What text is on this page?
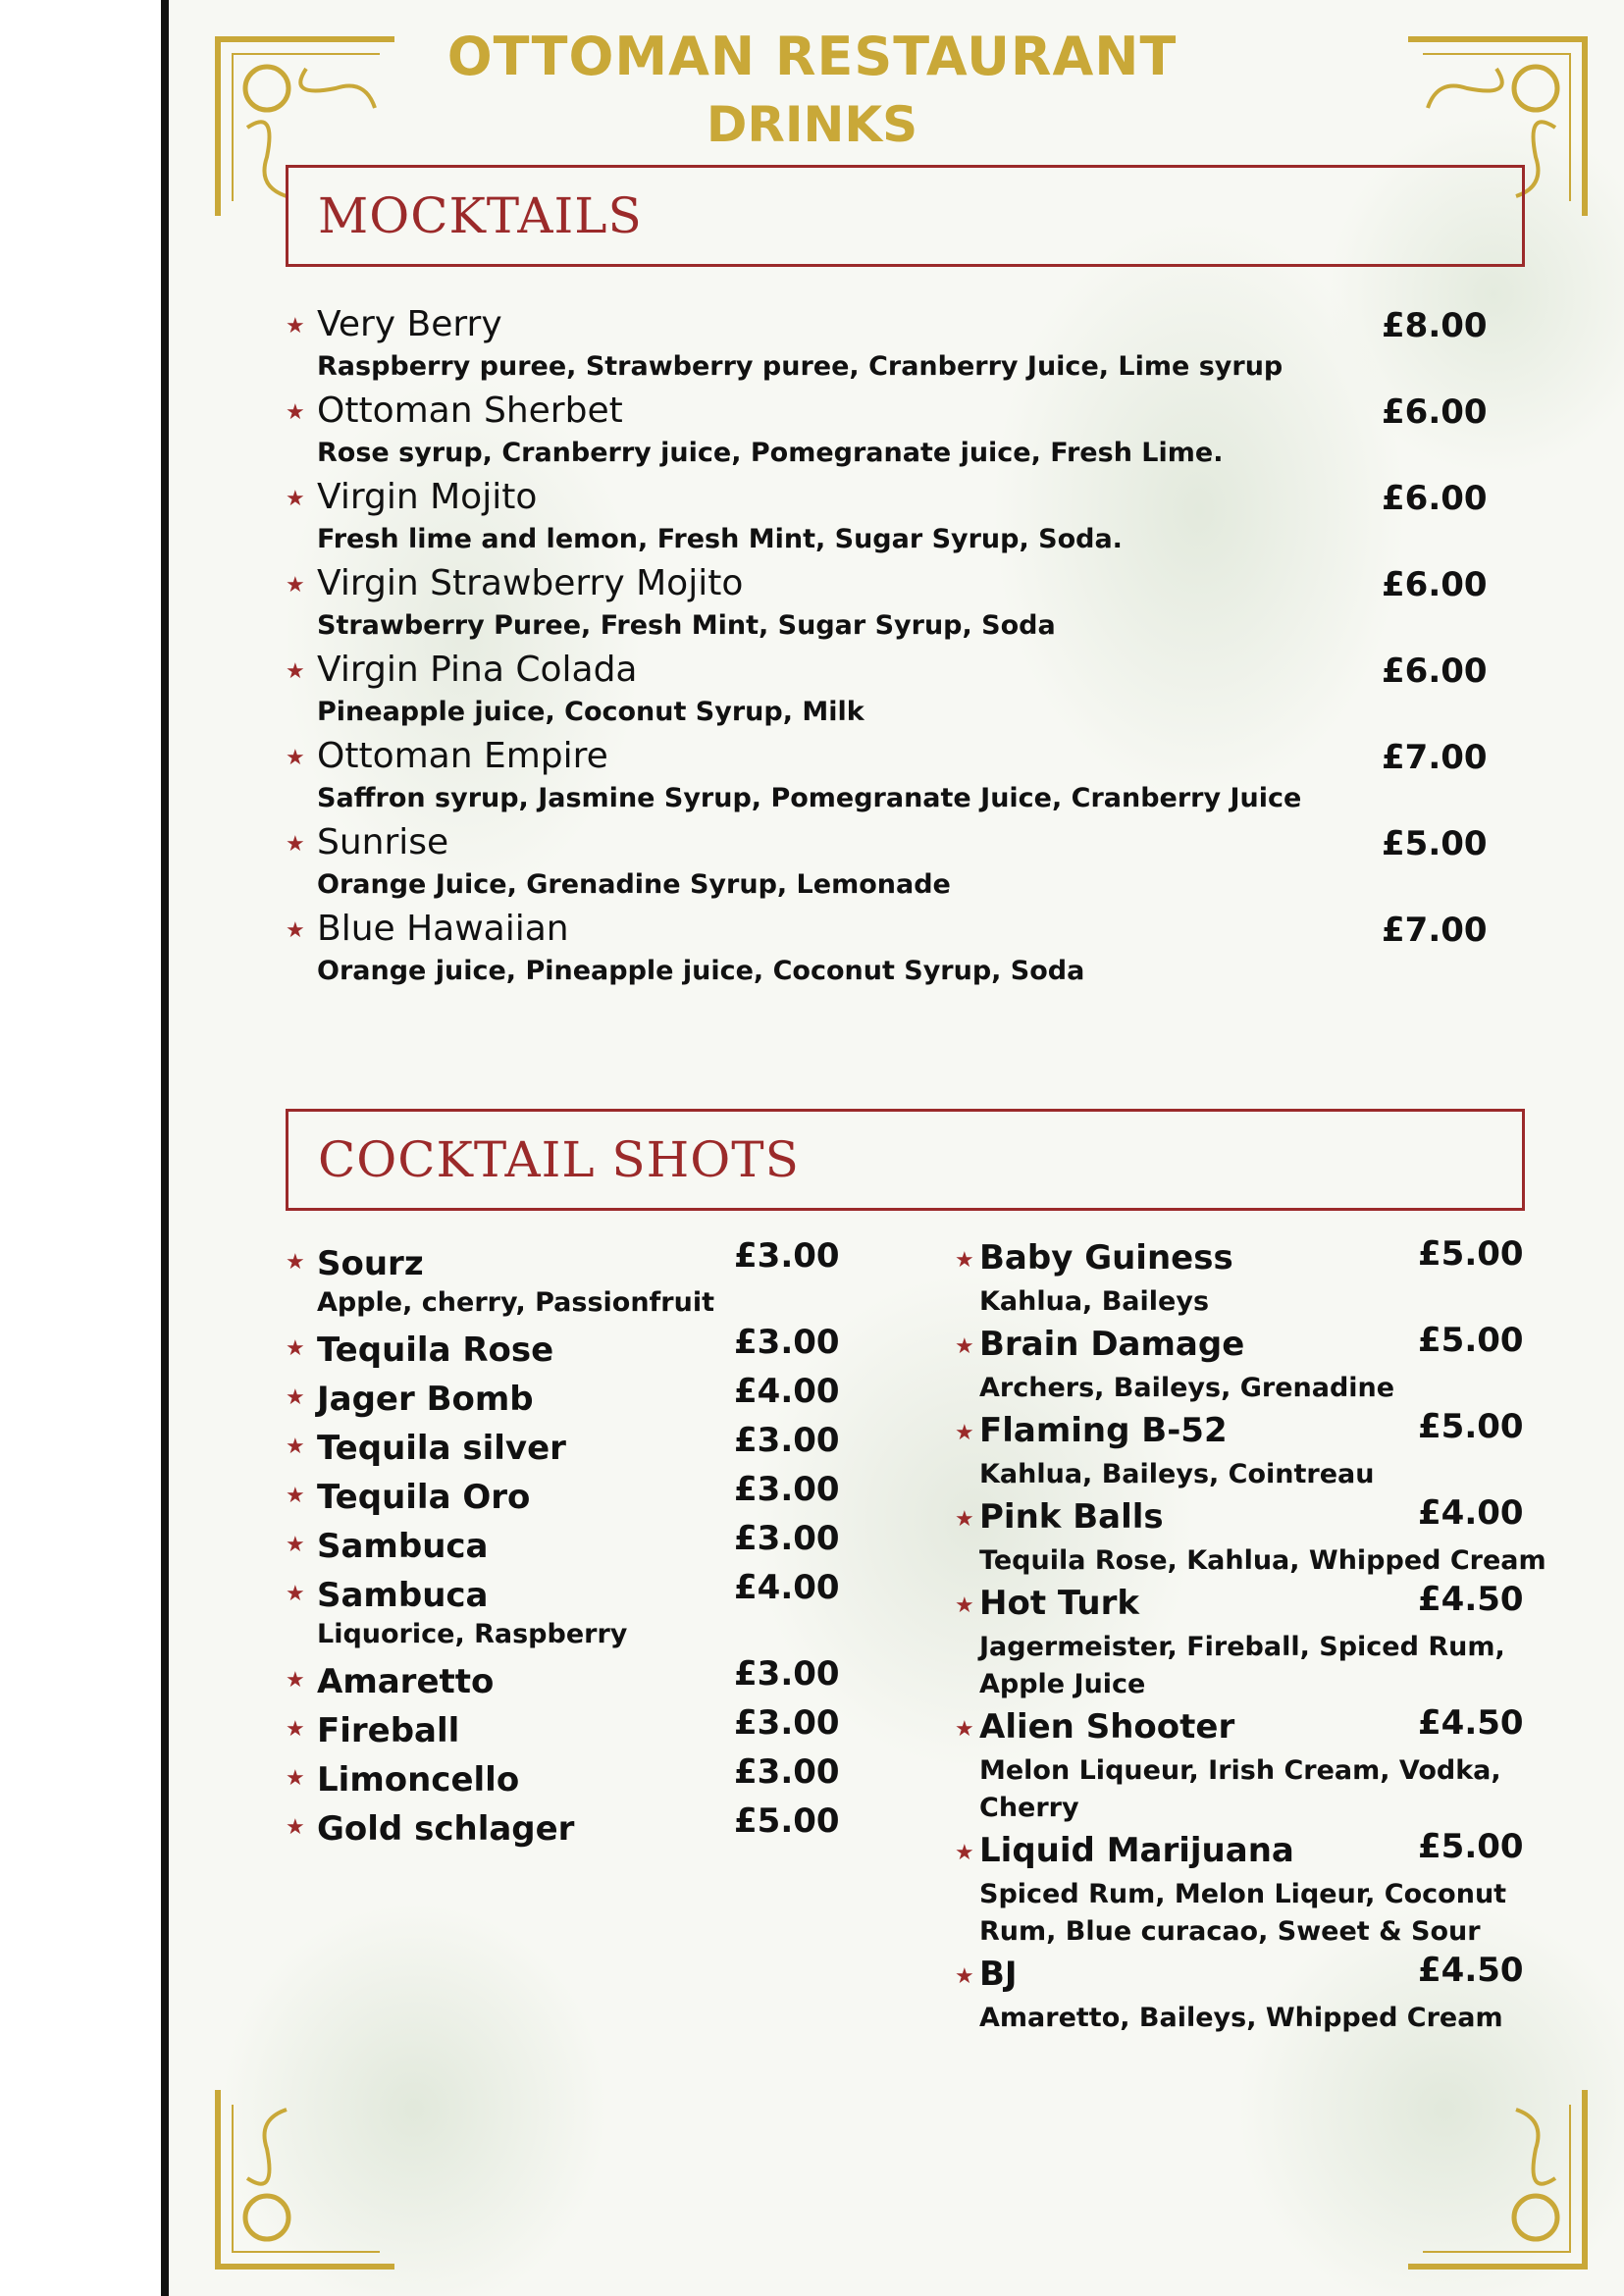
OTTOMAN RESTAURANT
DRINKS
MOCKTAILS
★ Very Berry	£8.00
Raspberry puree, Strawberry puree, Cranberry Juice, Lime syrup
★ Ottoman Sherbet	£6.00
Rose syrup, Cranberry juice, Pomegranate juice, Fresh Lime.
★ Virgin Mojito	£6.00
Fresh lime and lemon, Fresh Mint, Sugar Syrup, Soda.
★ Virgin Strawberry Mojito	£6.00
Strawberry Puree, Fresh Mint, Sugar Syrup, Soda
★ Virgin Pina Colada	£6.00
Pineapple juice, Coconut Syrup, Milk
★ Ottoman Empire	£7.00
Saffron syrup, Jasmine Syrup, Pomegranate Juice, Cranberry Juice
★ Sunrise	£5.00
Orange Juice, Grenadine Syrup, Lemonade
★ Blue Hawaiian	£7.00
Orange juice, Pineapple juice, Coconut Syrup, Soda
COCKTAIL SHOTS
★ Sourz	£3.00
Apple, cherry, Passionfruit
★ Tequila Rose	£3.00
★ Jager Bomb	£4.00
★ Tequila silver	£3.00
★ Tequila Oro	£3.00
★ Sambuca	£3.00
★ Sambuca	£4.00
Liquorice, Raspberry
★ Amaretto	£3.00
★ Fireball	£3.00
★ Limoncello	£3.00
★ Gold schlager	£5.00
★ Baby Guiness	£5.00
Kahlua, Baileys
★ Brain Damage	£5.00
Archers, Baileys, Grenadine
★ Flaming B-52	£5.00
Kahlua, Baileys, Cointreau
★ Pink Balls	£4.00
Tequila Rose, Kahlua, Whipped Cream
★ Hot Turk	£4.50
Jagermeister, Fireball, Spiced Rum, Apple Juice
★ Alien Shooter	£4.50
Melon Liqueur, Irish Cream, Vodka, Cherry
★ Liquid Marijuana	£5.00
Spiced Rum, Melon Liqeur, Coconut Rum, Blue curacao, Sweet & Sour
★ BJ	£4.50
Amaretto, Baileys, Whipped Cream
